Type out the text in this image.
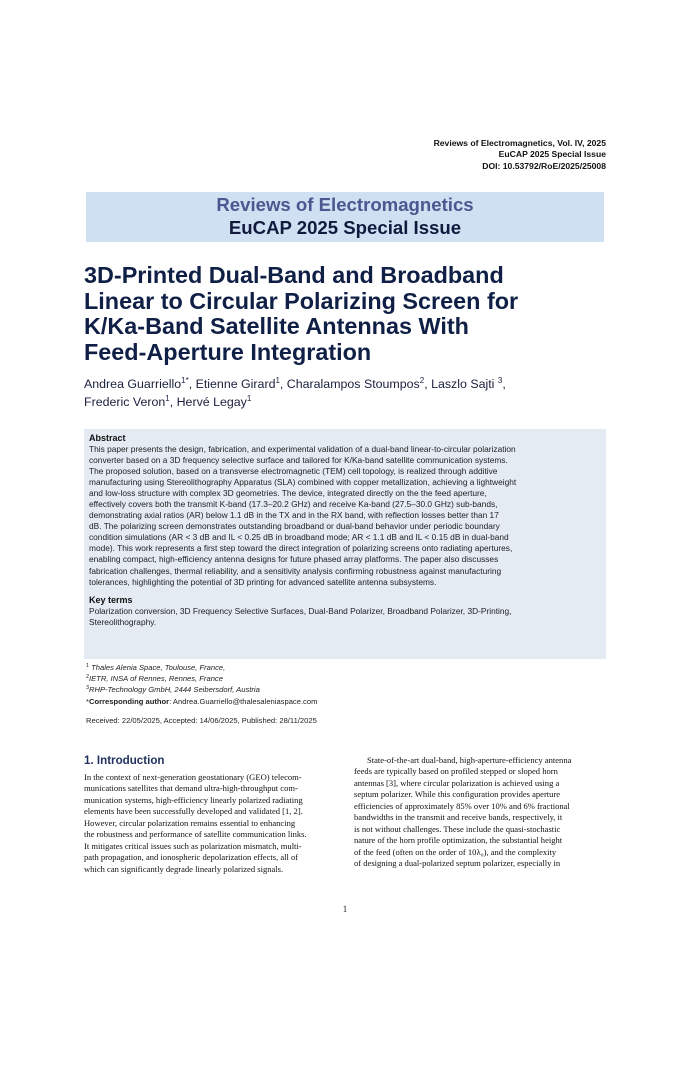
Reviews of Electromagnetics, Vol. IV, 2025
EuCAP 2025 Special Issue
DOI: 10.53792/RoE/2025/25008
Reviews of Electromagnetics
EuCAP 2025 Special Issue
3D-Printed Dual-Band and Broadband
Linear to Circular Polarizing Screen for
K/Ka-Band Satellite Antennas With
Feed-Aperture Integration
Andrea Guarriello$^{1*}$, Etienne Girard$^1$, Charalampos Stoumpos$^2$, Laszlo Sajti $^3$,
Frederic Veron$^1$, Hervé Legay$^1$
Abstract
This paper presents the design, fabrication, and experimental validation of a dual-band linear-to-circular polarization
converter based on a 3D frequency selective surface and tailored for K/Ka-band satellite communication systems.
The proposed solution, based on a transverse electromagnetic (TEM) cell topology, is realized through additive
manufacturing using Stereolithography Apparatus (SLA) combined with copper metallization, achieving a lightweight
and low-loss structure with complex 3D geometries. The device, integrated directly on the the feed aperture,
effectively covers both the transmit K-band (17.3–20.2 GHz) and receive Ka-band (27.5–30.0 GHz) sub-bands,
demonstrating axial ratios (AR) below 1.1 dB in the TX and in the RX band, with reflection losses better than 17
dB. The polarizing screen demonstrates outstanding broadband or dual-band behavior under periodic boundary
condition simulations (AR < 3 dB and IL < 0.25 dB in broadband mode; AR < 1.1 dB and IL < 0.15 dB in dual-band
mode). This work represents a first step toward the direct integration of polarizing screens onto radiating apertures,
enabling compact, high-efficiency antenna designs for future phased array platforms. The paper also discusses
fabrication challenges, thermal reliability, and a sensitivity analysis confirming robustness against manufacturing
tolerances, highlighting the potential of 3D printing for advanced satellite antenna subsystems.
Key terms
Polarization conversion, 3D Frequency Selective Surfaces, Dual-Band Polarizer, Broadband Polarizer, 3D-Printing,
Stereolithography.
$^1$ Thales Alenia Space, Toulouse, France,
$^2$IETR, INSA of Rennes, Rennes, France
$^3$RHP-Technology GmbH, 2444 Seibersdorf, Austria
*Corresponding author: Andrea.Guarriello@thalesaleniaspace.com
Received: 22/05/2025, Accepted: 14/06/2025, Published: 28/11/2025
1. Introduction
In the context of next-generation geostationary (GEO) telecom-
munications satellites that demand ultra-high-throughput com-
munication systems, high-efficiency linearly polarized radiating
elements have been successfully developed and validated [1, 2].
However, circular polarization remains essential to enhancing
the robustness and performance of satellite communication links.
It mitigates critical issues such as polarization mismatch, multi-
path propagation, and ionospheric depolarization effects, all of
which can significantly degrade linearly polarized signals.
State-of-the-art dual-band, high-aperture-efficiency antenna
feeds are typically based on profiled stepped or sloped horn
antennas [3], where circular polarization is achieved using a
septum polarizer. While this configuration provides aperture
efficiencies of approximately 85% over 10% and 6% fractional
bandwidths in the transmit and receive bands, respectively, it
is not without challenges. These include the quasi-stochastic
nature of the horn profile optimization, the substantial height
of the feed (often on the order of 10λ₀), and the complexity
of designing a dual-polarized septum polarizer, especially in
1
